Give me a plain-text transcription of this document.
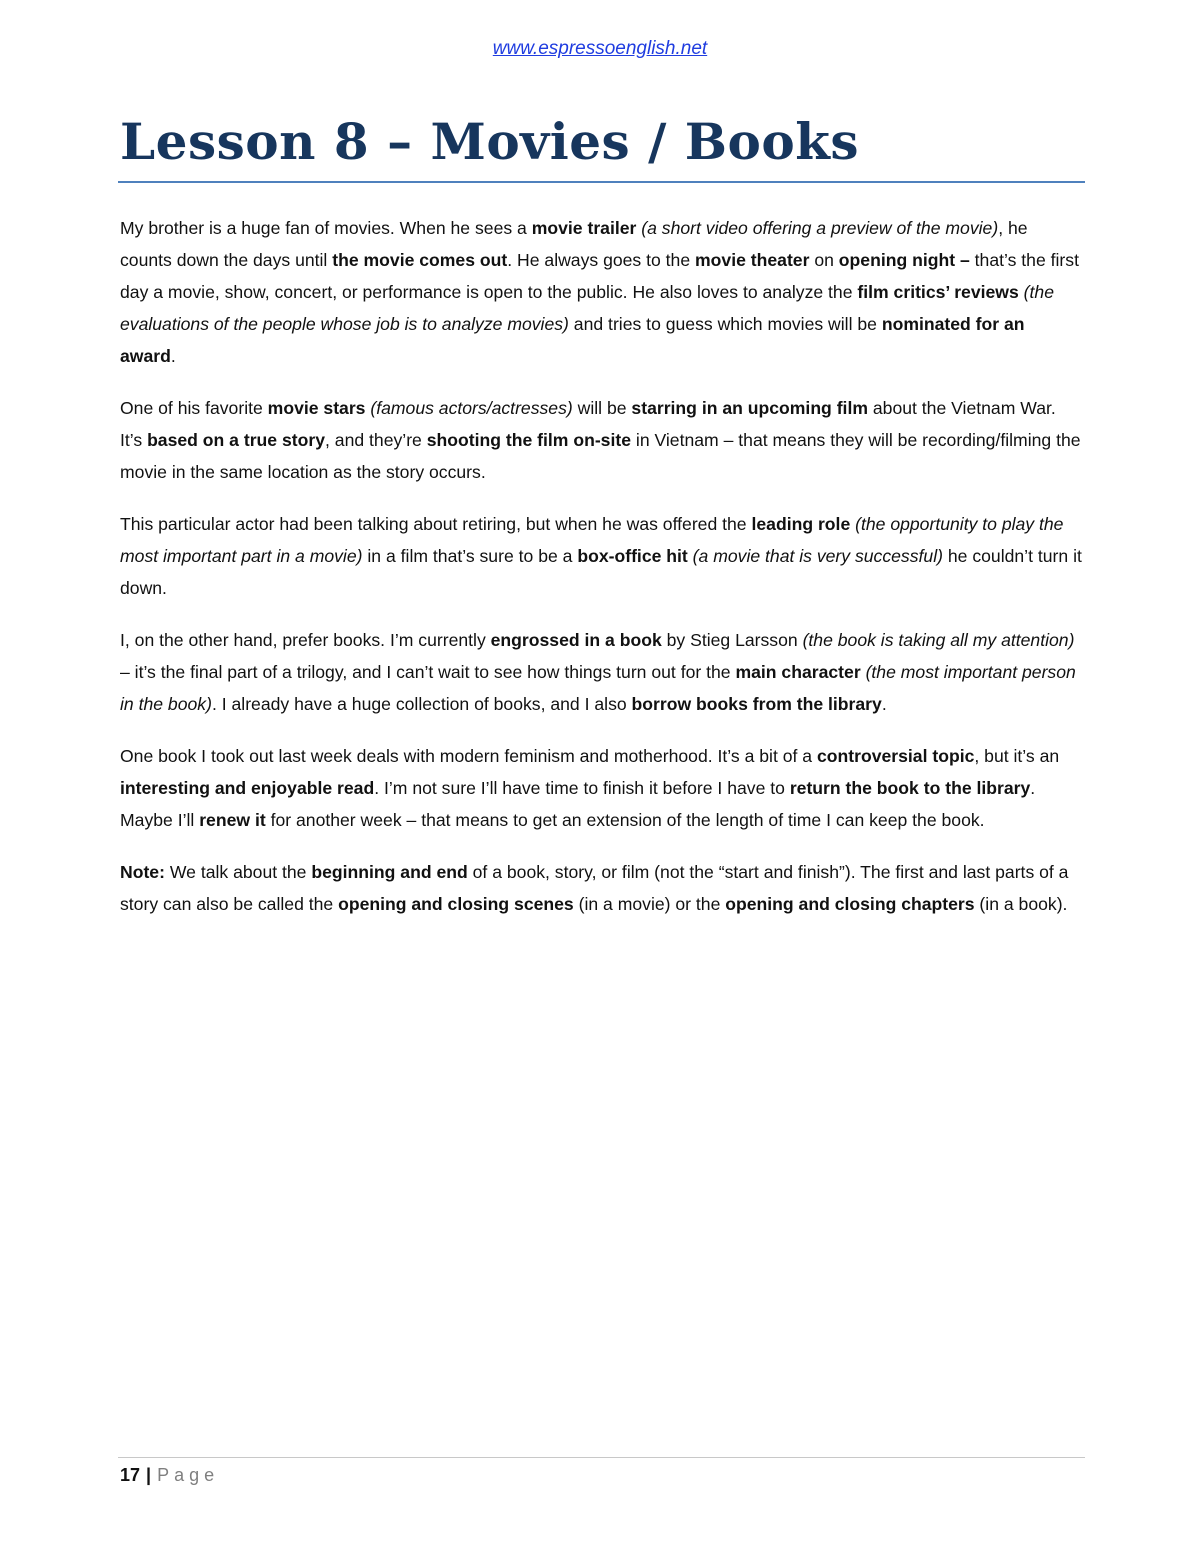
www.espressoenglish.net
Lesson 8 – Movies / Books

My brother is a huge fan of movies. When he sees a movie trailer (a short video offering a preview of the movie), he counts down the days until the movie comes out. He always goes to the movie theater on opening night – that’s the first day a movie, show, concert, or performance is open to the public. He also loves to analyze the film critics’ reviews (the evaluations of the people whose job is to analyze movies) and tries to guess which movies will be nominated for an award.

One of his favorite movie stars (famous actors/actresses) will be starring in an upcoming film about the Vietnam War. It’s based on a true story, and they’re shooting the film on-site in Vietnam – that means they will be recording/filming the movie in the same location as the story occurs.

This particular actor had been talking about retiring, but when he was offered the leading role (the opportunity to play the most important part in a movie) in a film that’s sure to be a box-office hit (a movie that is very successful) he couldn’t turn it down.

I, on the other hand, prefer books. I’m currently engrossed in a book by Stieg Larsson (the book is taking all my attention) – it’s the final part of a trilogy, and I can’t wait to see how things turn out for the main character (the most important person in the book). I already have a huge collection of books, and I also borrow books from the library.

One book I took out last week deals with modern feminism and motherhood. It’s a bit of a controversial topic, but it’s an interesting and enjoyable read. I’m not sure I’ll have time to finish it before I have to return the book to the library. Maybe I’ll renew it for another week – that means to get an extension of the length of time I can keep the book.

Note: We talk about the beginning and end of a book, story, or film (not the “start and finish”). The first and last parts of a story can also be called the opening and closing scenes (in a movie) or the opening and closing chapters (in a book).

17 | Page
